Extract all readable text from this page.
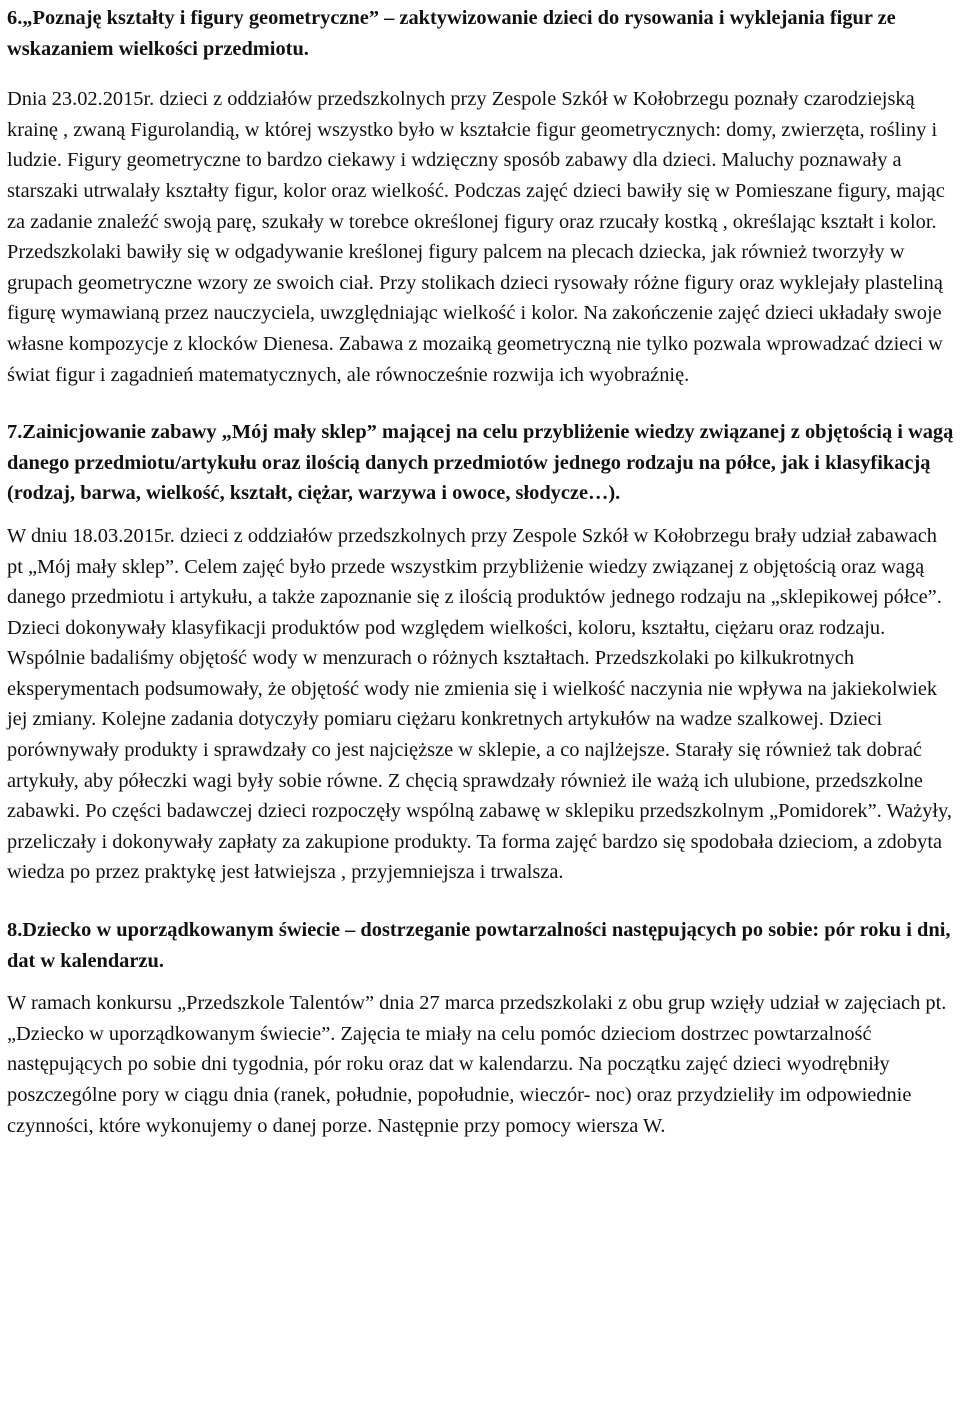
6.„Poznaję kształty i figury geometryczne” – zaktywizowanie dzieci do rysowania i wyklejania figur ze wskazaniem wielkości przedmiotu.

Dnia 23.02.2015r. dzieci z oddziałów przedszkolnych przy Zespole Szkół w Kołobrzegu poznały czarodziejską krainę , zwaną Figurolandią, w której wszystko było w kształcie figur geometrycznych: domy, zwierzęta, rośliny i ludzie. Figury geometryczne to bardzo ciekawy i wdzięczny sposób zabawy dla dzieci. Maluchy poznawały a starszaki utrwalały kształty figur, kolor oraz wielkość. Podczas zajęć dzieci bawiły się w Pomieszane figury, mając za zadanie znaleźć swoją parę, szukały w torebce określonej figury oraz rzucały kostką , określając kształt i kolor. Przedszkolaki bawiły się w odgadywanie kreślonej figury palcem na plecach dziecka, jak również tworzyły w grupach geometryczne wzory ze swoich ciał. Przy stolikach dzieci rysowały różne figury oraz wyklejały plasteliną figurę wymawianą przez nauczyciela, uwzględniając wielkość i kolor. Na zakończenie zajęć dzieci układały swoje własne kompozycje z klocków Dienesa. Zabawa z mozaiką geometryczną nie tylko pozwala wprowadzać dzieci w świat figur i zagadnień matematycznych, ale równocześnie rozwija ich wyobraźnię.

7.Zainicjowanie zabawy „Mój mały sklep” mającej na celu przybliżenie wiedzy związanej z objętością i wagą danego przedmiotu/artykułu oraz ilością danych przedmiotów jednego rodzaju na półce, jak i klasyfikacją (rodzaj, barwa, wielkość, kształt, ciężar, warzywa i owoce, słodycze…).

W dniu 18.03.2015r. dzieci z oddziałów przedszkolnych przy Zespole Szkół w Kołobrzegu brały udział zabawach pt „Mój mały sklep”. Celem zajęć było przede wszystkim przybliżenie wiedzy związanej z objętością oraz wagą danego przedmiotu i artykułu, a także zapoznanie się z ilością produktów jednego rodzaju na „sklepikowej półce”. Dzieci dokonywały klasyfikacji produktów pod względem wielkości, koloru, kształtu, ciężaru oraz rodzaju. Wspólnie badaliśmy objętość wody w menzurach o różnych kształtach. Przedszkolaki po kilkukrotnych eksperymentach podsumowały, że objętość wody nie zmienia się i wielkość naczynia nie wpływa na jakiekolwiek jej zmiany. Kolejne zadania dotyczyły pomiaru ciężaru konkretnych artykułów na wadze szalkowej. Dzieci porównywały produkty i sprawdzały co jest najcięższe w sklepie, a co najlżejsze. Starały się również tak dobrać artykuły, aby półeczki wagi były sobie równe. Z chęcią sprawdzały również ile ważą ich ulubione, przedszkolne zabawki. Po części badawczej dzieci rozpoczęły wspólną zabawę w sklepiku przedszkolnym „Pomidorek”. Ważyły, przeliczały i dokonywały zapłaty za zakupione produkty. Ta forma zajęć bardzo się spodobała dzieciom, a zdobyta wiedza po przez praktykę jest łatwiejsza , przyjemniejsza i trwalsza.

8.Dziecko w uporządkowanym świecie – dostrzeganie powtarzalności następujących po sobie: pór roku i dni, dat w kalendarzu.

W ramach konkursu „Przedszkole Talentów” dnia 27 marca przedszkolaki z obu grup wzięły udział w zajęciach pt. „Dziecko w uporządkowanym świecie”. Zajęcia te miały na celu pomóc dzieciom dostrzec powtarzalność następujących po sobie dni tygodnia, pór roku oraz dat w kalendarzu. Na początku zajęć dzieci wyodrębniły poszczególne pory w ciągu dnia (ranek, południe, popołudnie, wieczór- noc) oraz przydzieliły im odpowiednie czynności, które wykonujemy o danej porze. Następnie przy pomocy wiersza W.
